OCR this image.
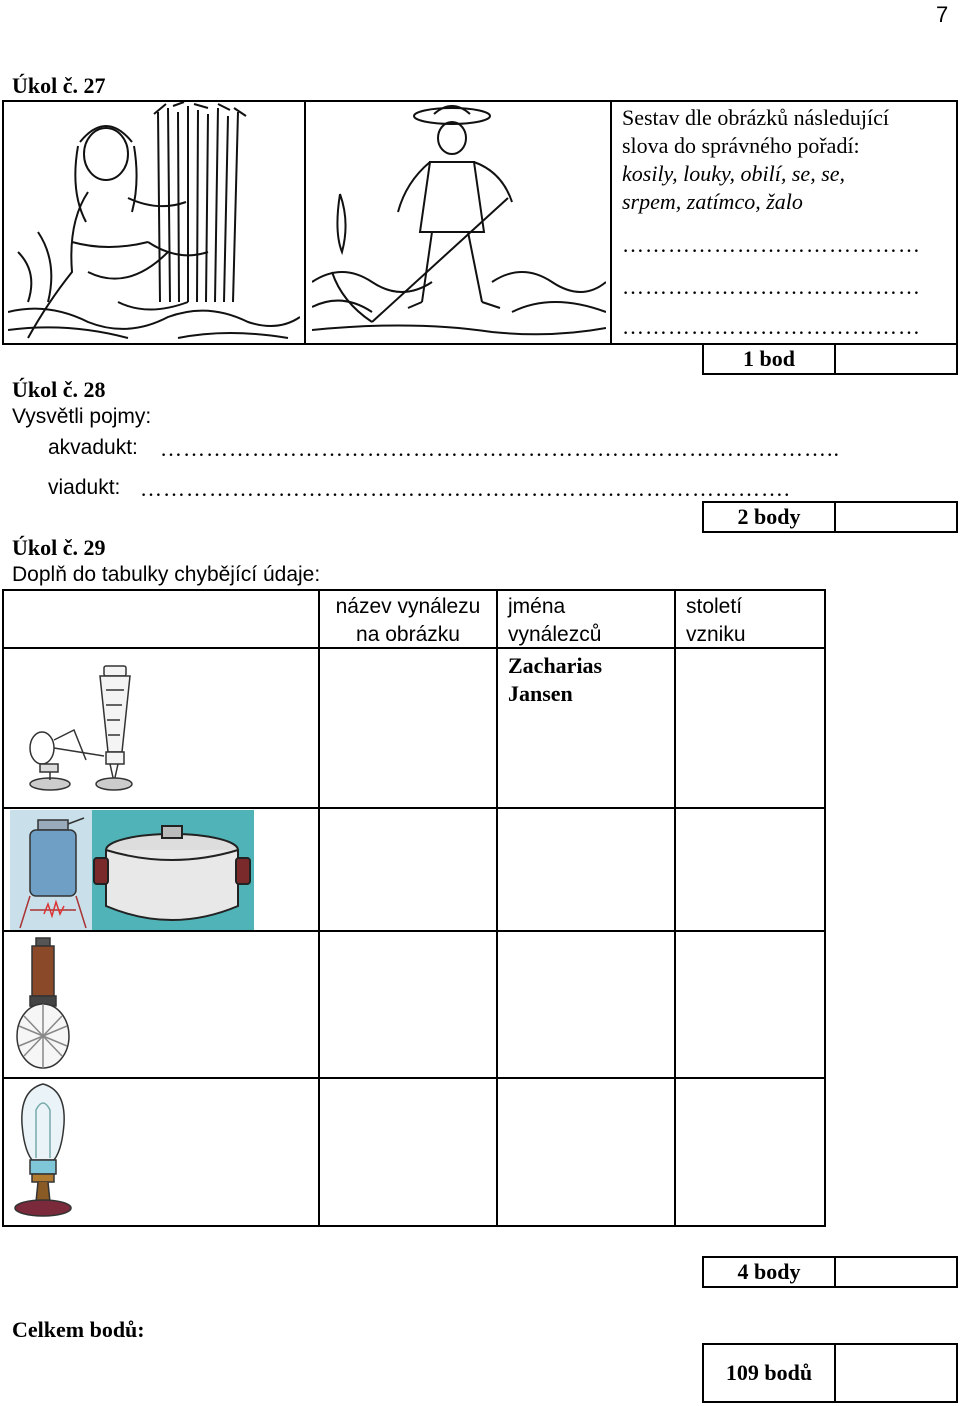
7
Úkol č. 27
Sestav dle obrázků následující
slova do správného pořadí:
kosily, louky, obilí, se, se,
srpem, zatímco, žalo
…………………………………
…………………………………
…………………………………
1 bod
Úkol č. 28
Vysvětli pojmy:
akvadukt: ……………………………………………………………………………..
viadukt: ………………………………………………………………………….
2 body
Úkol č. 29
Doplň do tabulky chybějící údaje:
název vynálezu
na obrázku
jména
vynálezců
století
vzniku
Zacharias
Jansen
4 body
Celkem bodů:
109 bodů
